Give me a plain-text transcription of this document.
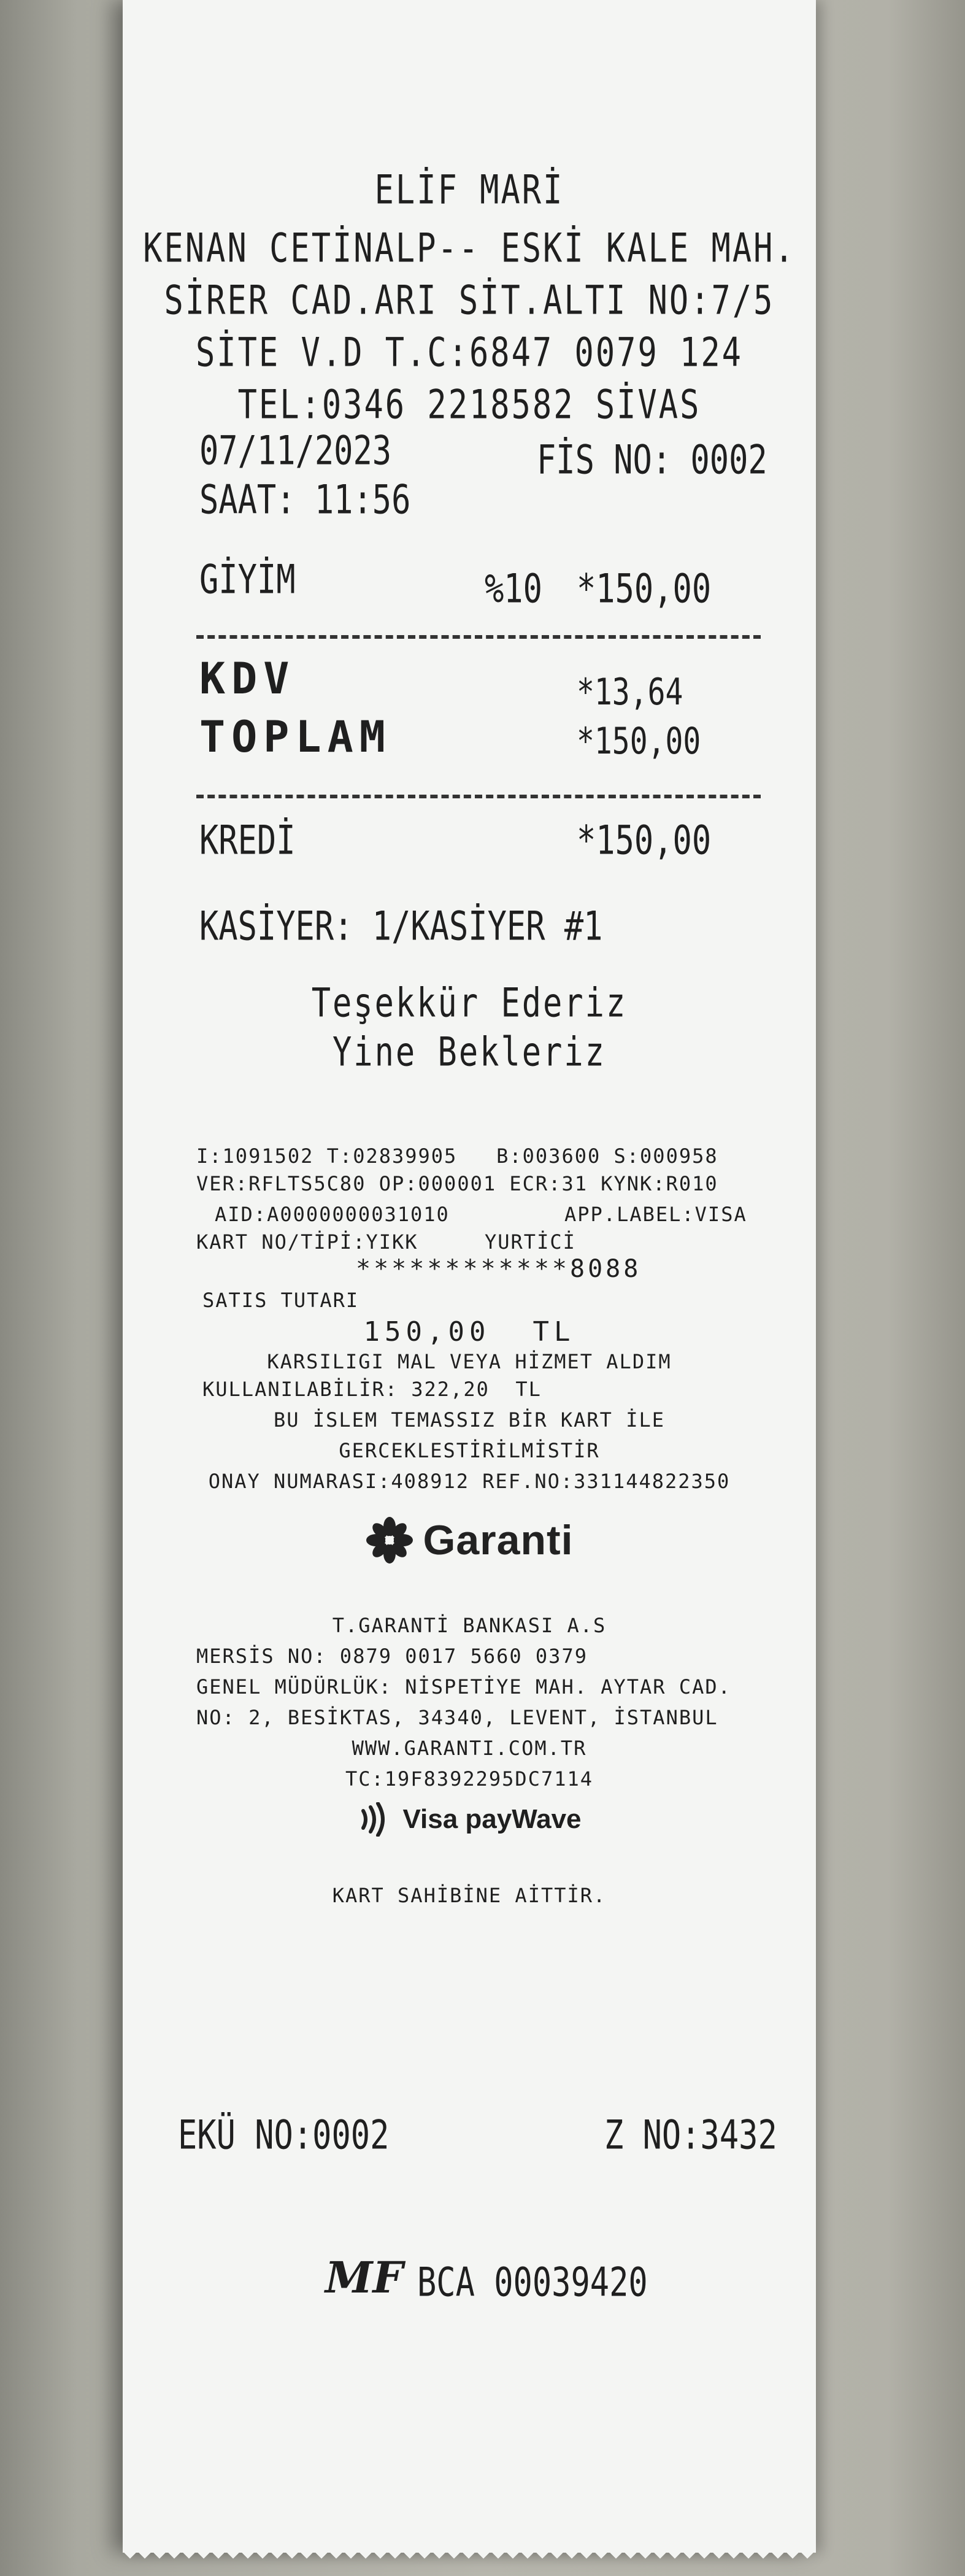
ELİF MARİ
KENAN CETİNALP-- ESKİ KALE MAH.
SİRER CAD.ARI SİT.ALTI NO:7/5
SİTE V.D T.C:6847 0079 124
TEL:0346 2218582 SİVAS
07/11/2023	FİS NO: 0002
SAAT: 11:56
GİYİM	%10 *150,00
KDV	*13,64
TOPLAM	*150,00
KREDİ	*150,00
KASİYER: 1/KASİYER #1
Teşekkür Ederiz
Yine Bekleriz
I:1091502 T:02839905   B:003600 S:000958
VER:RFLTS5C80 OP:000001 ECR:31 KYNK:R010
AID:A0000000031010	APP.LABEL:VISA
KART NO/TİPİ:YIKK	YURTİCİ
************8088
SATIS TUTARI
150,00  TL
KARSILIGI MAL VEYA HİZMET ALDIM
KULLANILABİLİR: 322,20  TL
BU İSLEM TEMASSIZ BİR KART İLE
GERCEKLESTİRİLMİSTİR
ONAY NUMARASI:408912 REF.NO:331144822350
Garanti
T.GARANTİ BANKASI A.S
MERSİS NO: 0879 0017 5660 0379
GENEL MÜDÜRLÜK: NİSPETİYE MAH. AYTAR CAD.
NO: 2, BESİKTAS, 34340, LEVENT, İSTANBUL
WWW.GARANTI.COM.TR
TC:19F8392295DC7114
Visa payWave
KART SAHİBİNE AİTTİR.
EKÜ NO:0002	Z NO:3432
MF BCA 00039420
